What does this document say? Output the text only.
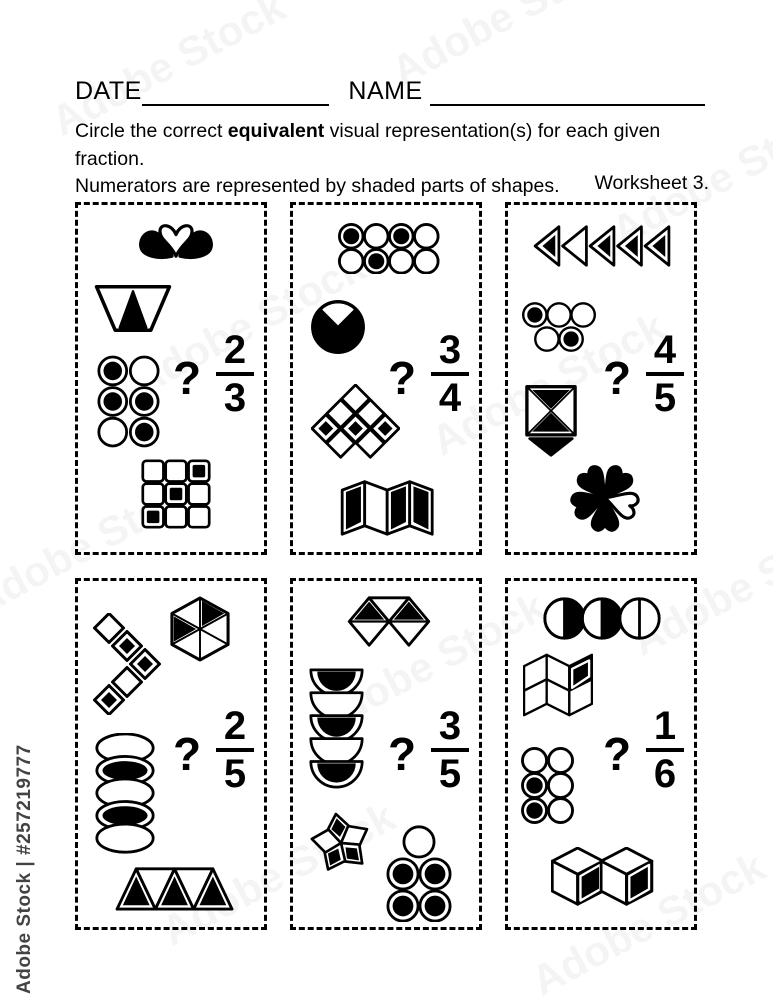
Adobe Stock | #257219777
DATE	NAME
Circle the correct equivalent visual representation(s) for each given fraction.
Numerators are represented by shaded parts of shapes.	Worksheet 3.
? $\frac{2}{3}$	? $\frac{3}{4}$	? $\frac{4}{5}$
? $\frac{2}{5}$	? $\frac{3}{5}$	? $\frac{1}{6}$
